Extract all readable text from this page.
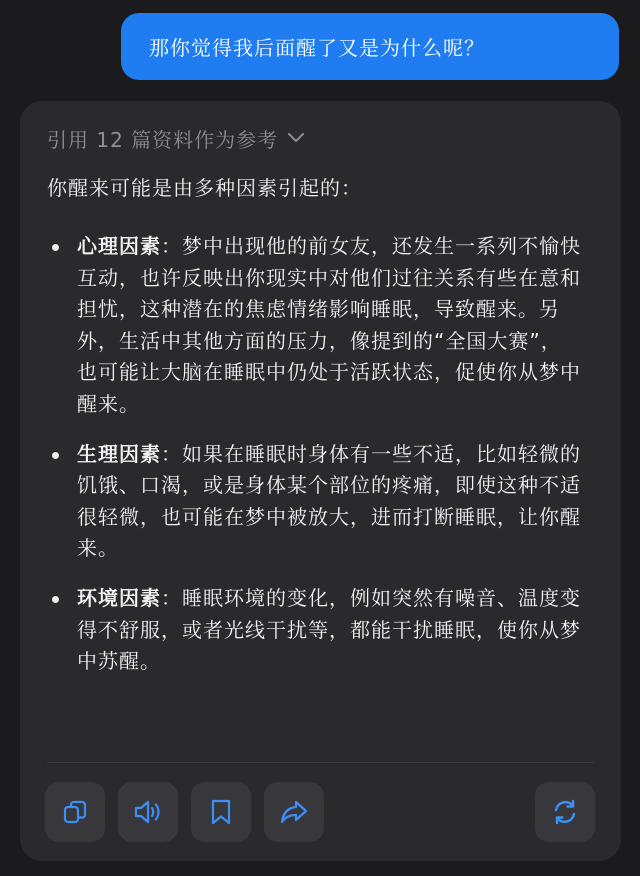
那你觉得我后面醒了又是为什么呢？
引用 12 篇资料作为参考
你醒来可能是由多种因素引起的：
心理因素：梦中出现他的前女友，还发生一系列不愉快互动，也许反映出你现实中对他们过往关系有些在意和担忧，这种潜在的焦虑情绪影响睡眠，导致醒来。另外，生活中其他方面的压力，像提到的“全国大赛”，也可能让大脑在睡眠中仍处于活跃状态，促使你从梦中醒来。
生理因素：如果在睡眠时身体有一些不适，比如轻微的饥饿、口渴，或是身体某个部位的疼痛，即使这种不适很轻微，也可能在梦中被放大，进而打断睡眠，让你醒来。
环境因素：睡眠环境的变化，例如突然有噪音、温度变得不舒服，或者光线干扰等，都能干扰睡眠，使你从梦中苏醒。
